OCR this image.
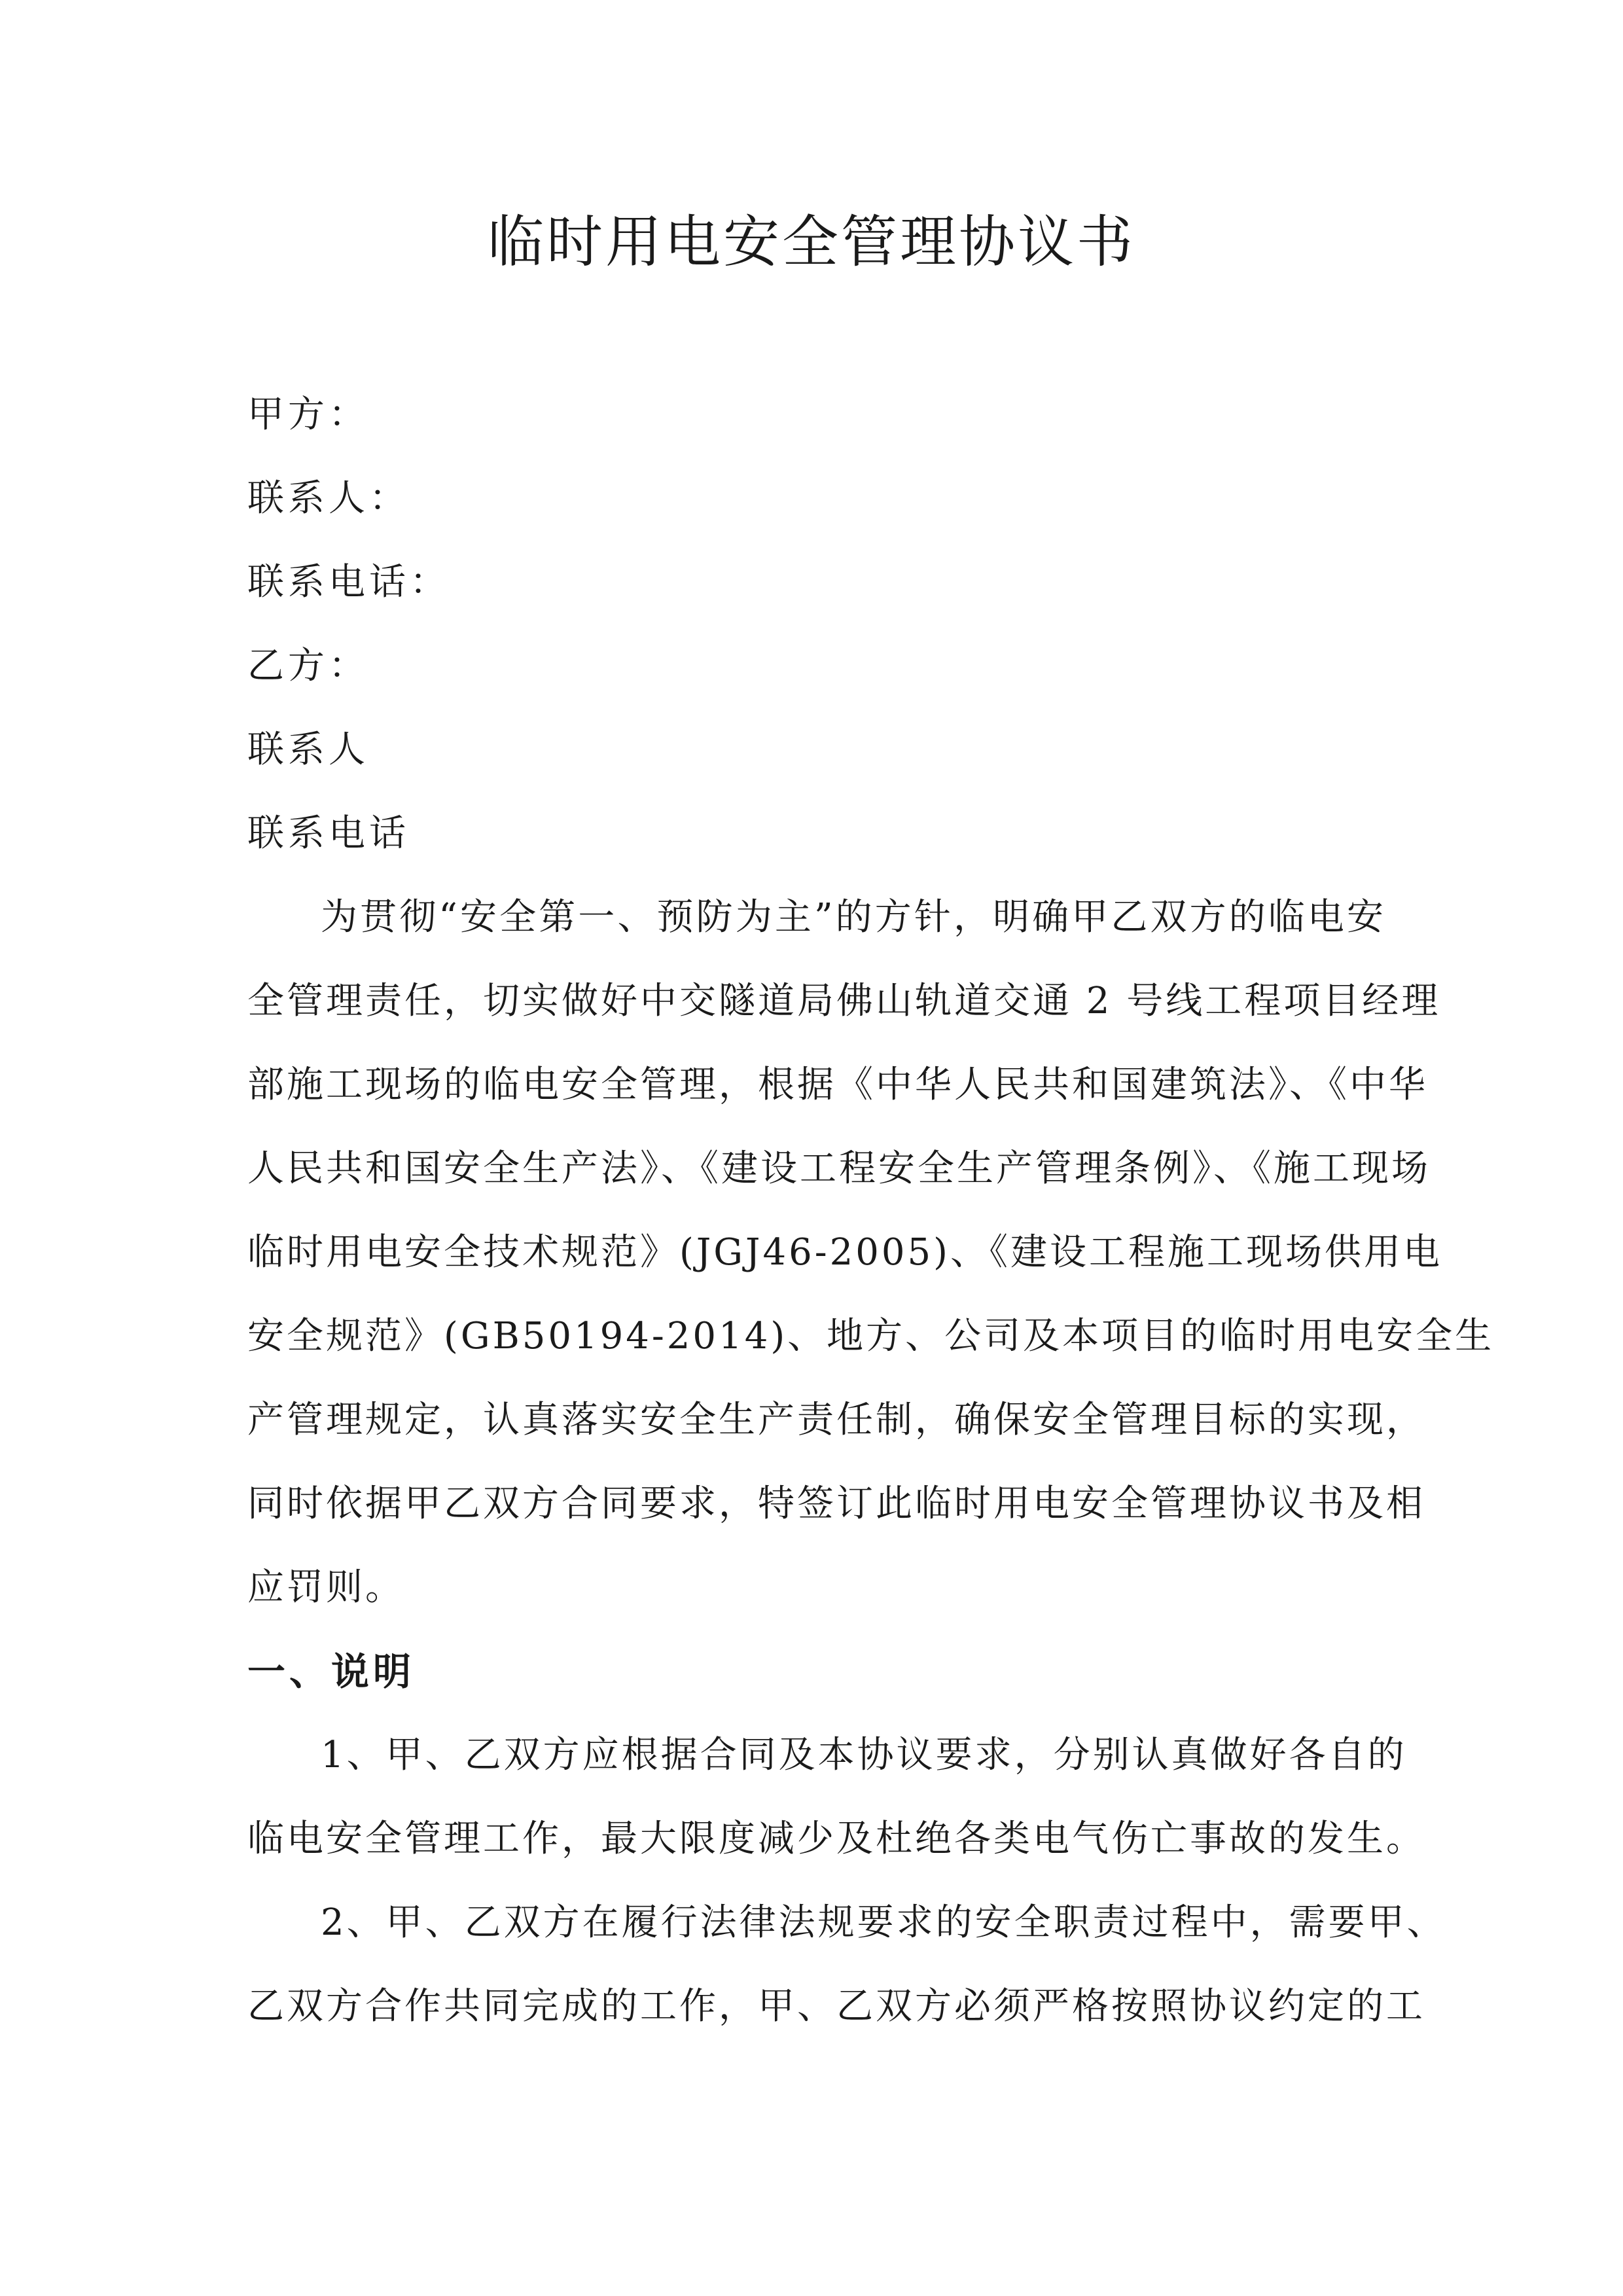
临时用电安全管理协议书
甲方：
联系人：
联系电话：
乙方：
联系人
联系电话
为贯彻“安全第一、预防为主”的方针，明确甲乙双方的临电安
全管理责任，切实做好中交隧道局佛山轨道交通 2 号线工程项目经理
部施工现场的临电安全管理，根据《中华人民共和国建筑法》、《中华
人民共和国安全生产法》、《建设工程安全生产管理条例》、《施工现场
临时用电安全技术规范》(JGJ46-2005)、《建设工程施工现场供用电
安全规范》(GB50194-2014)、地方、公司及本项目的临时用电安全生
产管理规定，认真落实安全生产责任制，确保安全管理目标的实现，
同时依据甲乙双方合同要求，特签订此临时用电安全管理协议书及相
应罚则。
一、说明
1、甲、乙双方应根据合同及本协议要求，分别认真做好各自的
临电安全管理工作，最大限度减少及杜绝各类电气伤亡事故的发生。
2、甲、乙双方在履行法律法规要求的安全职责过程中，需要甲、
乙双方合作共同完成的工作，甲、乙双方必须严格按照协议约定的工
